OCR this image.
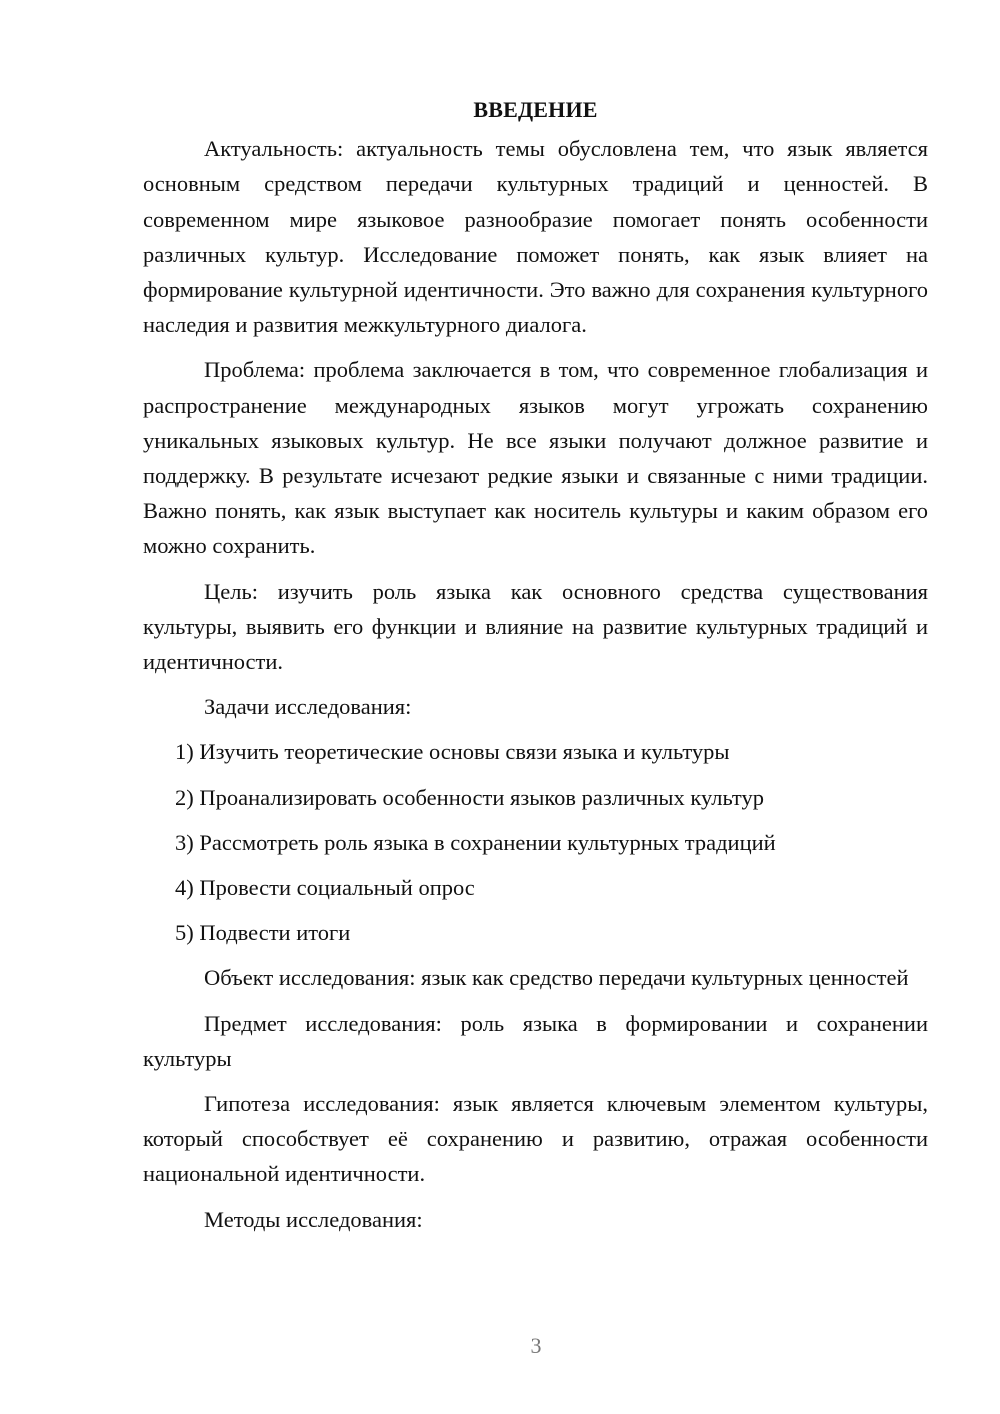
ВВЕДЕНИЕ

Актуальность: актуальность темы обусловлена тем, что язык является основным средством передачи культурных традиций и ценностей. В современном мире языковое разнообразие помогает понять особенности различных культур. Исследование поможет понять, как язык влияет на формирование культурной идентичности. Это важно для сохранения культурного наследия и развития межкультурного диалога.

Проблема: проблема заключается в том, что современное глобализация и распространение международных языков могут угрожать сохранению уникальных языковых культур. Не все языки получают должное развитие и поддержку. В результате исчезают редкие языки и связанные с ними традиции. Важно понять, как язык выступает как носитель культуры и каким образом его можно сохранить.

Цель: изучить роль языка как основного средства существования культуры, выявить его функции и влияние на развитие культурных традиций и идентичности.

Задачи исследования:

1) Изучить теоретические основы связи языка и культуры

2) Проанализировать особенности языков различных культур

3) Рассмотреть роль языка в сохранении культурных традиций

4) Провести социальный опрос

5) Подвести итоги

Объект исследования: язык как средство передачи культурных ценностей

Предмет исследования: роль языка в формировании и сохранении культуры

Гипотеза исследования: язык является ключевым элементом культуры, который способствует её сохранению и развитию, отражая особенности национальной идентичности.

Методы исследования:

3
